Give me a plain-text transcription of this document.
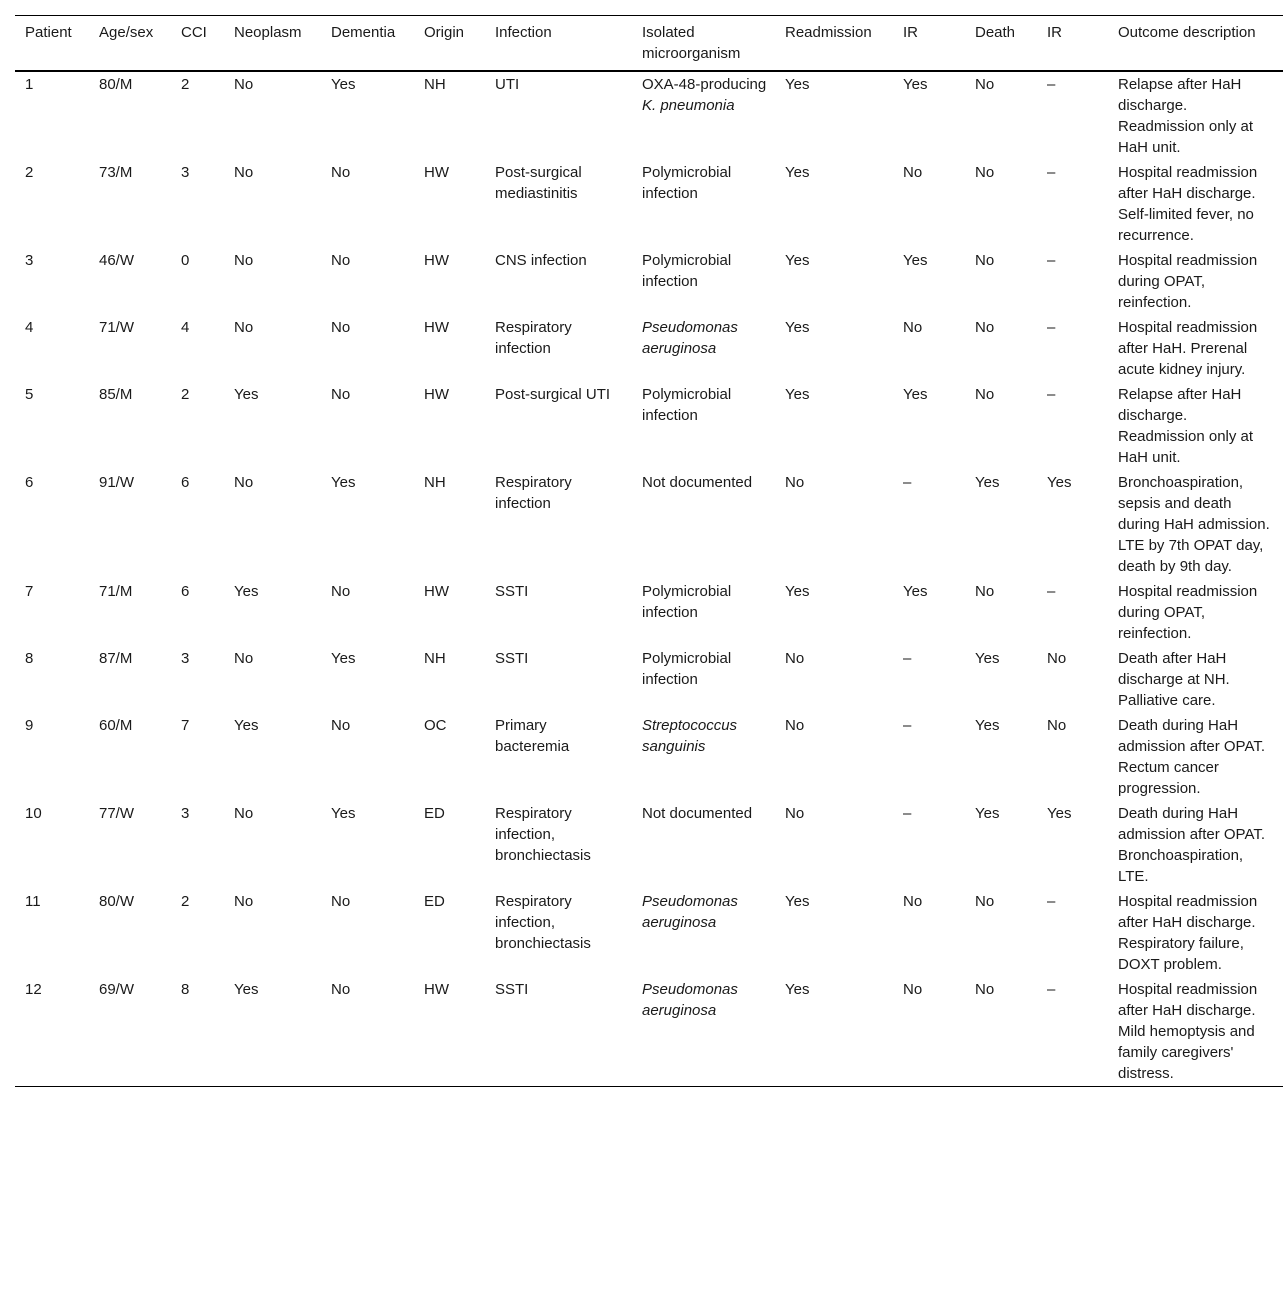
Patient	Age/sex	CCI	Neoplasm	Dementia	Origin	Infection	Isolated microorganism	Readmission	IR	Death	IR	Outcome description
1	80/M	2	No	Yes	NH	UTI	OXA-48-producing K. pneumonia	Yes	Yes	No	–	Relapse after HaH discharge. Readmission only at HaH unit.
2	73/M	3	No	No	HW	Post-surgical mediastinitis	Polymicrobial infection	Yes	No	No	–	Hospital readmission after HaH discharge. Self-limited fever, no recurrence.
3	46/W	0	No	No	HW	CNS infection	Polymicrobial infection	Yes	Yes	No	–	Hospital readmission during OPAT, reinfection.
4	71/W	4	No	No	HW	Respiratory infection	Pseudomonas aeruginosa	Yes	No	No	–	Hospital readmission after HaH. Prerenal acute kidney injury.
5	85/M	2	Yes	No	HW	Post-surgical UTI	Polymicrobial infection	Yes	Yes	No	–	Relapse after HaH discharge. Readmission only at HaH unit.
6	91/W	6	No	Yes	NH	Respiratory infection	Not documented	No	–	Yes	Yes	Bronchoaspiration, sepsis and death during HaH admission. LTE by 7th OPAT day, death by 9th day.
7	71/M	6	Yes	No	HW	SSTI	Polymicrobial infection	Yes	Yes	No	–	Hospital readmission during OPAT, reinfection.
8	87/M	3	No	Yes	NH	SSTI	Polymicrobial infection	No	–	Yes	No	Death after HaH discharge at NH. Palliative care.
9	60/M	7	Yes	No	OC	Primary bacteremia	Streptococcus sanguinis	No	–	Yes	No	Death during HaH admission after OPAT. Rectum cancer progression.
10	77/W	3	No	Yes	ED	Respiratory infection, bronchiectasis	Not documented	No	–	Yes	Yes	Death during HaH admission after OPAT. Bronchoaspiration, LTE.
11	80/W	2	No	No	ED	Respiratory infection, bronchiectasis	Pseudomonas aeruginosa	Yes	No	No	–	Hospital readmission after HaH discharge. Respiratory failure, DOXT problem.
12	69/W	8	Yes	No	HW	SSTI	Pseudomonas aeruginosa	Yes	No	No	–	Hospital readmission after HaH discharge. Mild hemoptysis and family caregivers' distress.
